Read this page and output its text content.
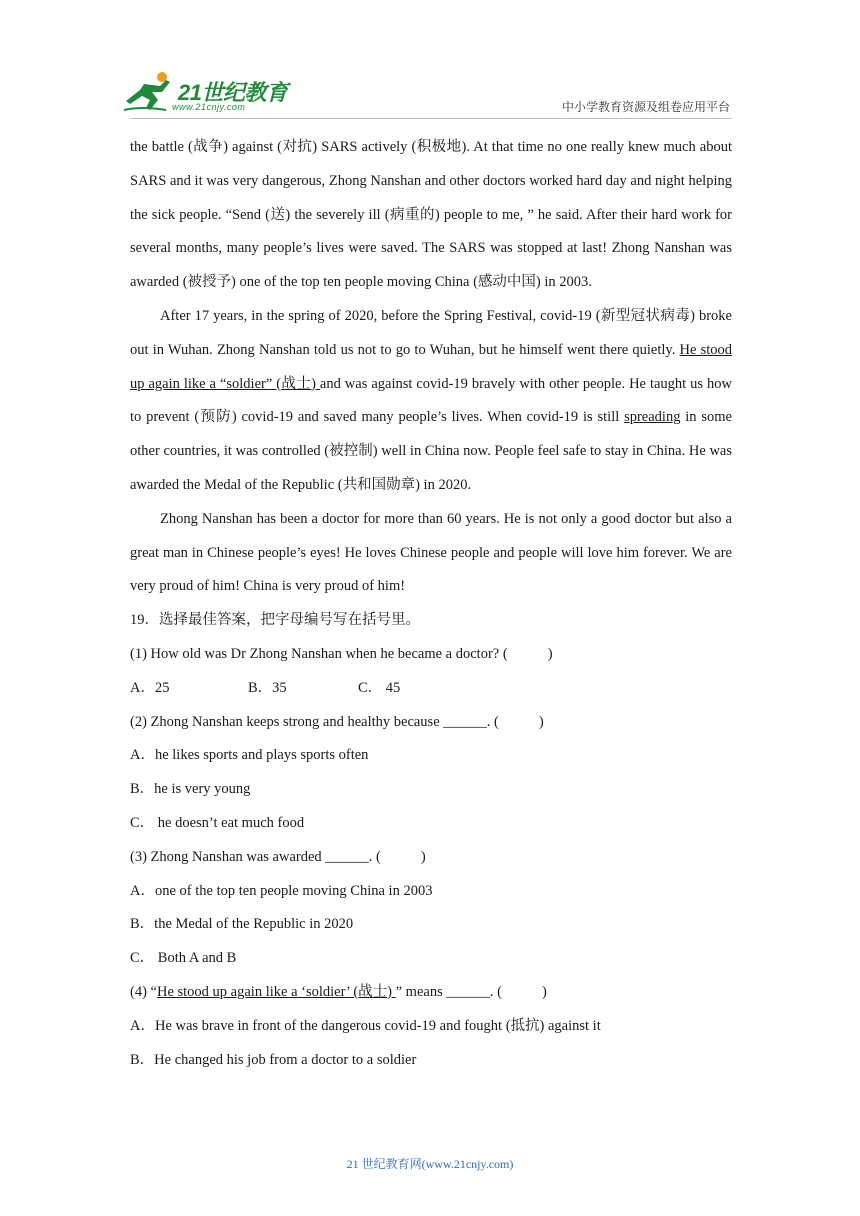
21世纪教育
www.21cnjy.com	中小学教育资源及组卷应用平台

the battle (战争) against (对抗) SARS actively (积极地). At that time no one really knew much about SARS and it was very dangerous, Zhong Nanshan and other doctors worked hard day and night helping the sick people. “Send (送) the severely ill (病重的) people to me, ” he said. After their hard work for several months, many people’s lives were saved. The SARS was stopped at last! Zhong Nanshan was awarded (被授予) one of the top ten people moving China (感动中国) in 2003.

After 17 years, in the spring of 2020, before the Spring Festival, covid-19 (新型冠状病毒) broke out in Wuhan. Zhong Nanshan told us not to go to Wuhan, but he himself went there quietly. He stood up again like a “soldier” (战士) and was against covid-19 bravely with other people. He taught us how to prevent (预防) covid-19 and saved many people’s lives. When covid-19 is still spreading in some other countries, it was controlled (被控制) well in China now. People feel safe to stay in China. He was awarded the Medal of the Republic (共和国勋章) in 2020.

Zhong Nanshan has been a doctor for more than 60 years. He is not only a good doctor but also a great man in Chinese people’s eyes! He loves Chinese people and people will love him forever. We are very proud of him! China is very proud of him!

19．选择最佳答案，把字母编号写在括号里。

(1) How old was Dr Zhong Nanshan when he became a doctor? (	)

A．25	B．35	C． 45

(2) Zhong Nanshan keeps strong and healthy because ______. (	)

A．he likes sports and plays sports often

B．he is very young

C． he doesn’t eat much food

(3) Zhong Nanshan was awarded ______. (	)

A．one of the top ten people moving China in 2003

B．the Medal of the Republic in 2020

C． Both A and B

(4) “He stood up again like a ‘soldier’ (战士) ” means ______. (	)

A．He was brave in front of the dangerous covid-19 and fought (抵抗) against it

B．He changed his job from a doctor to a soldier

21 世纪教育网(www.21cnjy.com)
